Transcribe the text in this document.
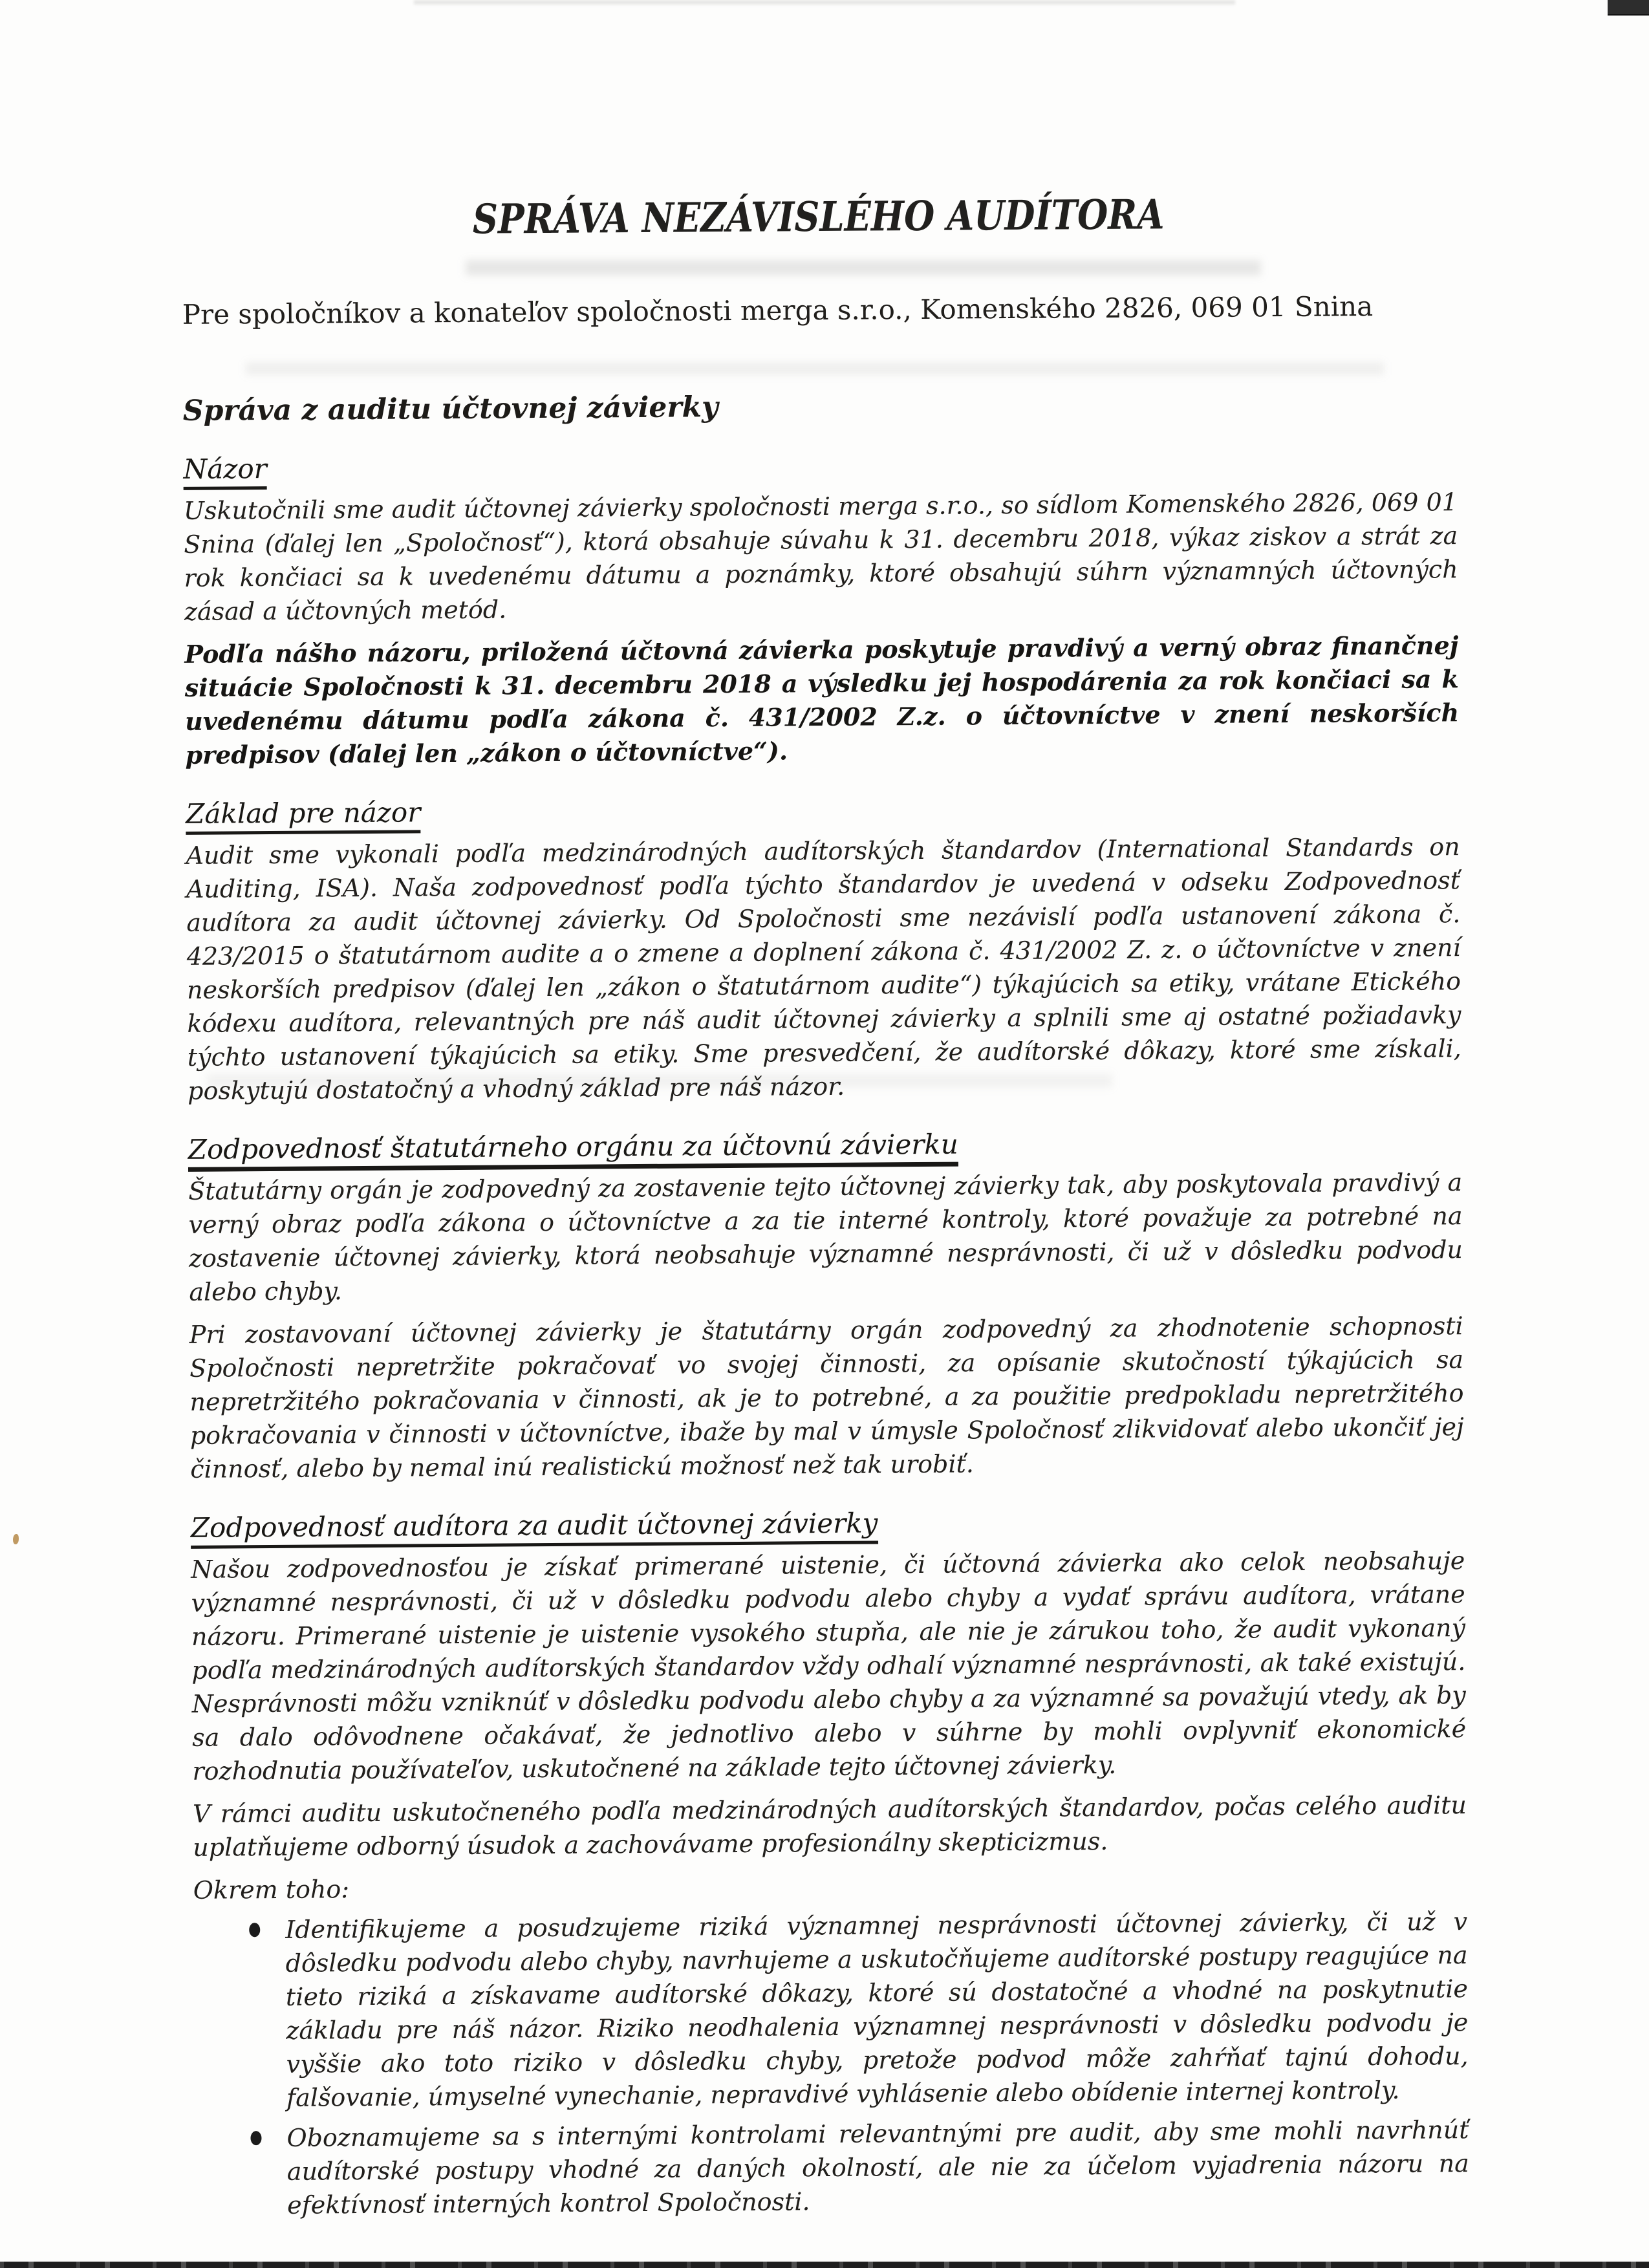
SPRÁVA NEZÁVISLÉHO AUDÍTORA

Pre spoločníkov a konateľov spoločnosti merga s.r.o., Komenského 2826, 069 01 Snina

Správa z auditu účtovnej závierky
Názor

Uskutočnili sme audit účtovnej závierky spoločnosti merga s.r.o., so sídlom Komenského 2826, 069 01 Snina (ďalej len „Spoločnosť“), ktorá obsahuje súvahu k 31. decembru 2018, výkaz ziskov a strát za rok končiaci sa k uvedenému dátumu a poznámky, ktoré obsahujú súhrn významných účtovných zásad a účtovných metód.

Podľa nášho názoru, priložená účtovná závierka poskytuje pravdivý a verný obraz finančnej situácie Spoločnosti k 31. decembru 2018 a výsledku jej hospodárenia za rok končiaci sa k uvedenému dátumu podľa zákona č. 431/2002 Z.z. o účtovníctve v znení neskorších predpisov (ďalej len „zákon o účtovníctve“).

Základ pre názor

Audit sme vykonali podľa medzinárodných audítorských štandardov (International Standards on Auditing, ISA). Naša zodpovednosť podľa týchto štandardov je uvedená v odseku Zodpovednosť audítora za audit účtovnej závierky. Od Spoločnosti sme nezávislí podľa ustanovení zákona č. 423/2015 o štatutárnom audite a o zmene a doplnení zákona č. 431/2002 Z. z. o účtovníctve v znení neskorších predpisov (ďalej len „zákon o štatutárnom audite“) týkajúcich sa etiky, vrátane Etického kódexu audítora, relevantných pre náš audit účtovnej závierky a splnili sme aj ostatné požiadavky týchto ustanovení týkajúcich sa etiky. Sme presvedčení, že audítorské dôkazy, ktoré sme získali, poskytujú dostatočný a vhodný základ pre náš názor.

Zodpovednosť štatutárneho orgánu za účtovnú závierku

Štatutárny orgán je zodpovedný za zostavenie tejto účtovnej závierky tak, aby poskytovala pravdivý a verný obraz podľa zákona o účtovníctve a za tie interné kontroly, ktoré považuje za potrebné na zostavenie účtovnej závierky, ktorá neobsahuje významné nesprávnosti, či už v dôsledku podvodu alebo chyby.

Pri zostavovaní účtovnej závierky je štatutárny orgán zodpovedný za zhodnotenie schopnosti Spoločnosti nepretržite pokračovať vo svojej činnosti, za opísanie skutočností týkajúcich sa nepretržitého pokračovania v činnosti, ak je to potrebné, a za použitie predpokladu nepretržitého pokračovania v činnosti v účtovníctve, ibaže by mal v úmysle Spoločnosť zlikvidovať alebo ukončiť jej činnosť, alebo by nemal inú realistickú možnosť než tak urobiť.

Zodpovednosť audítora za audit účtovnej závierky

Našou zodpovednosťou je získať primerané uistenie, či účtovná závierka ako celok neobsahuje významné nesprávnosti, či už v dôsledku podvodu alebo chyby a vydať správu audítora, vrátane názoru. Primerané uistenie je uistenie vysokého stupňa, ale nie je zárukou toho, že audit vykonaný podľa medzinárodných audítorských štandardov vždy odhalí významné nesprávnosti, ak také existujú. Nesprávnosti môžu vzniknúť v dôsledku podvodu alebo chyby a za významné sa považujú vtedy, ak by sa dalo odôvodnene očakávať, že jednotlivo alebo v súhrne by mohli ovplyvniť ekonomické rozhodnutia používateľov, uskutočnené na základe tejto účtovnej závierky.

V rámci auditu uskutočneného podľa medzinárodných audítorských štandardov, počas celého auditu uplatňujeme odborný úsudok a zachovávame profesionálny skepticizmus.

Okrem toho:

Identifikujeme a posudzujeme riziká významnej nesprávnosti účtovnej závierky, či už v dôsledku podvodu alebo chyby, navrhujeme a uskutočňujeme audítorské postupy reagujúce na tieto riziká a získavame audítorské dôkazy, ktoré sú dostatočné a vhodné na poskytnutie základu pre náš názor. Riziko neodhalenia významnej nesprávnosti v dôsledku podvodu je vyššie ako toto riziko v dôsledku chyby, pretože podvod môže zahŕňať tajnú dohodu, falšovanie, úmyselné vynechanie, nepravdivé vyhlásenie alebo obídenie internej kontroly.
Oboznamujeme sa s internými kontrolami relevantnými pre audit, aby sme mohli navrhnúť audítorské postupy vhodné za daných okolností, ale nie za účelom vyjadrenia názoru na efektívnosť interných kontrol Spoločnosti.
